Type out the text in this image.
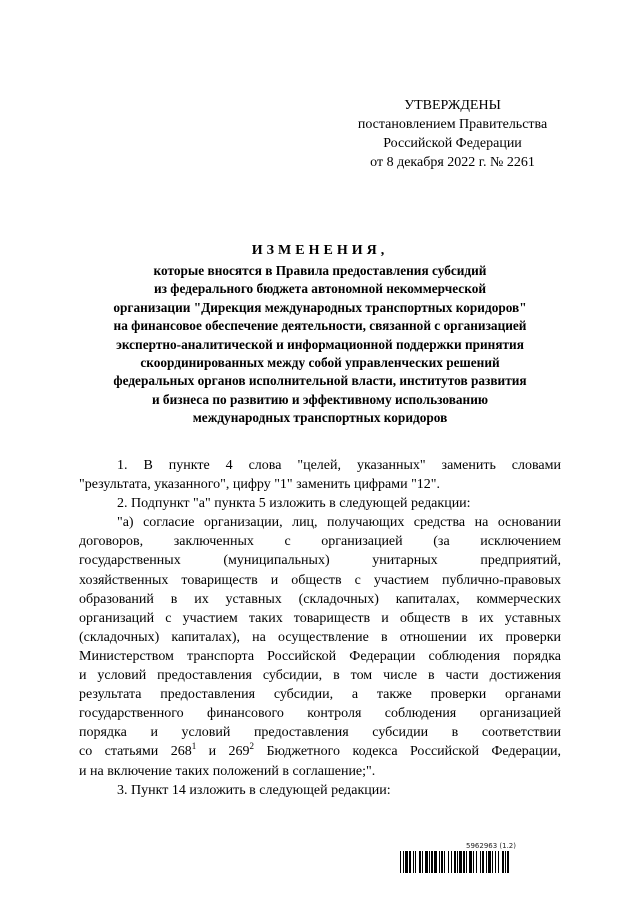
УТВЕРЖДЕНЫ
постановлением Правительства
Российской Федерации
от 8 декабря 2022 г. № 2261
ИЗМЕНЕНИЯ,
которые вносятся в Правила предоставления субсидий
из федерального бюджета автономной некоммерческой
организации "Дирекция международных транспортных коридоров"
на финансовое обеспечение деятельности, связанной с организацией
экспертно-аналитической и информационной поддержки принятия
скоординированных между собой управленческих решений
федеральных органов исполнительной власти, институтов развития
и бизнеса по развитию и эффективному использованию
международных транспортных коридоров
1. В пункте 4 слова "целей, указанных" заменить словами
"результата, указанного", цифру "1" заменить цифрами "12".
2. Подпункт "а" пункта 5 изложить в следующей редакции:
"а) согласие организации, лиц, получающих средства на основании
договоров, заключенных с организацией (за исключением
государственных (муниципальных) унитарных предприятий,
хозяйственных товариществ и обществ с участием публично-правовых
образований в их уставных (складочных) капиталах, коммерческих
организаций с участием таких товариществ и обществ в их уставных
(складочных) капиталах), на осуществление в отношении их проверки
Министерством транспорта Российской Федерации соблюдения порядка
и условий предоставления субсидии, в том числе в части достижения
результата предоставления субсидии, а также проверки органами
государственного финансового контроля соблюдения организацией
порядка и условий предоставления субсидии в соответствии
со статьями $268^1$ и $269^2$ Бюджетного кодекса Российской Федерации,
и на включение таких положений в соглашение;".
3. Пункт 14 изложить в следующей редакции:
5962963 (1.2)
